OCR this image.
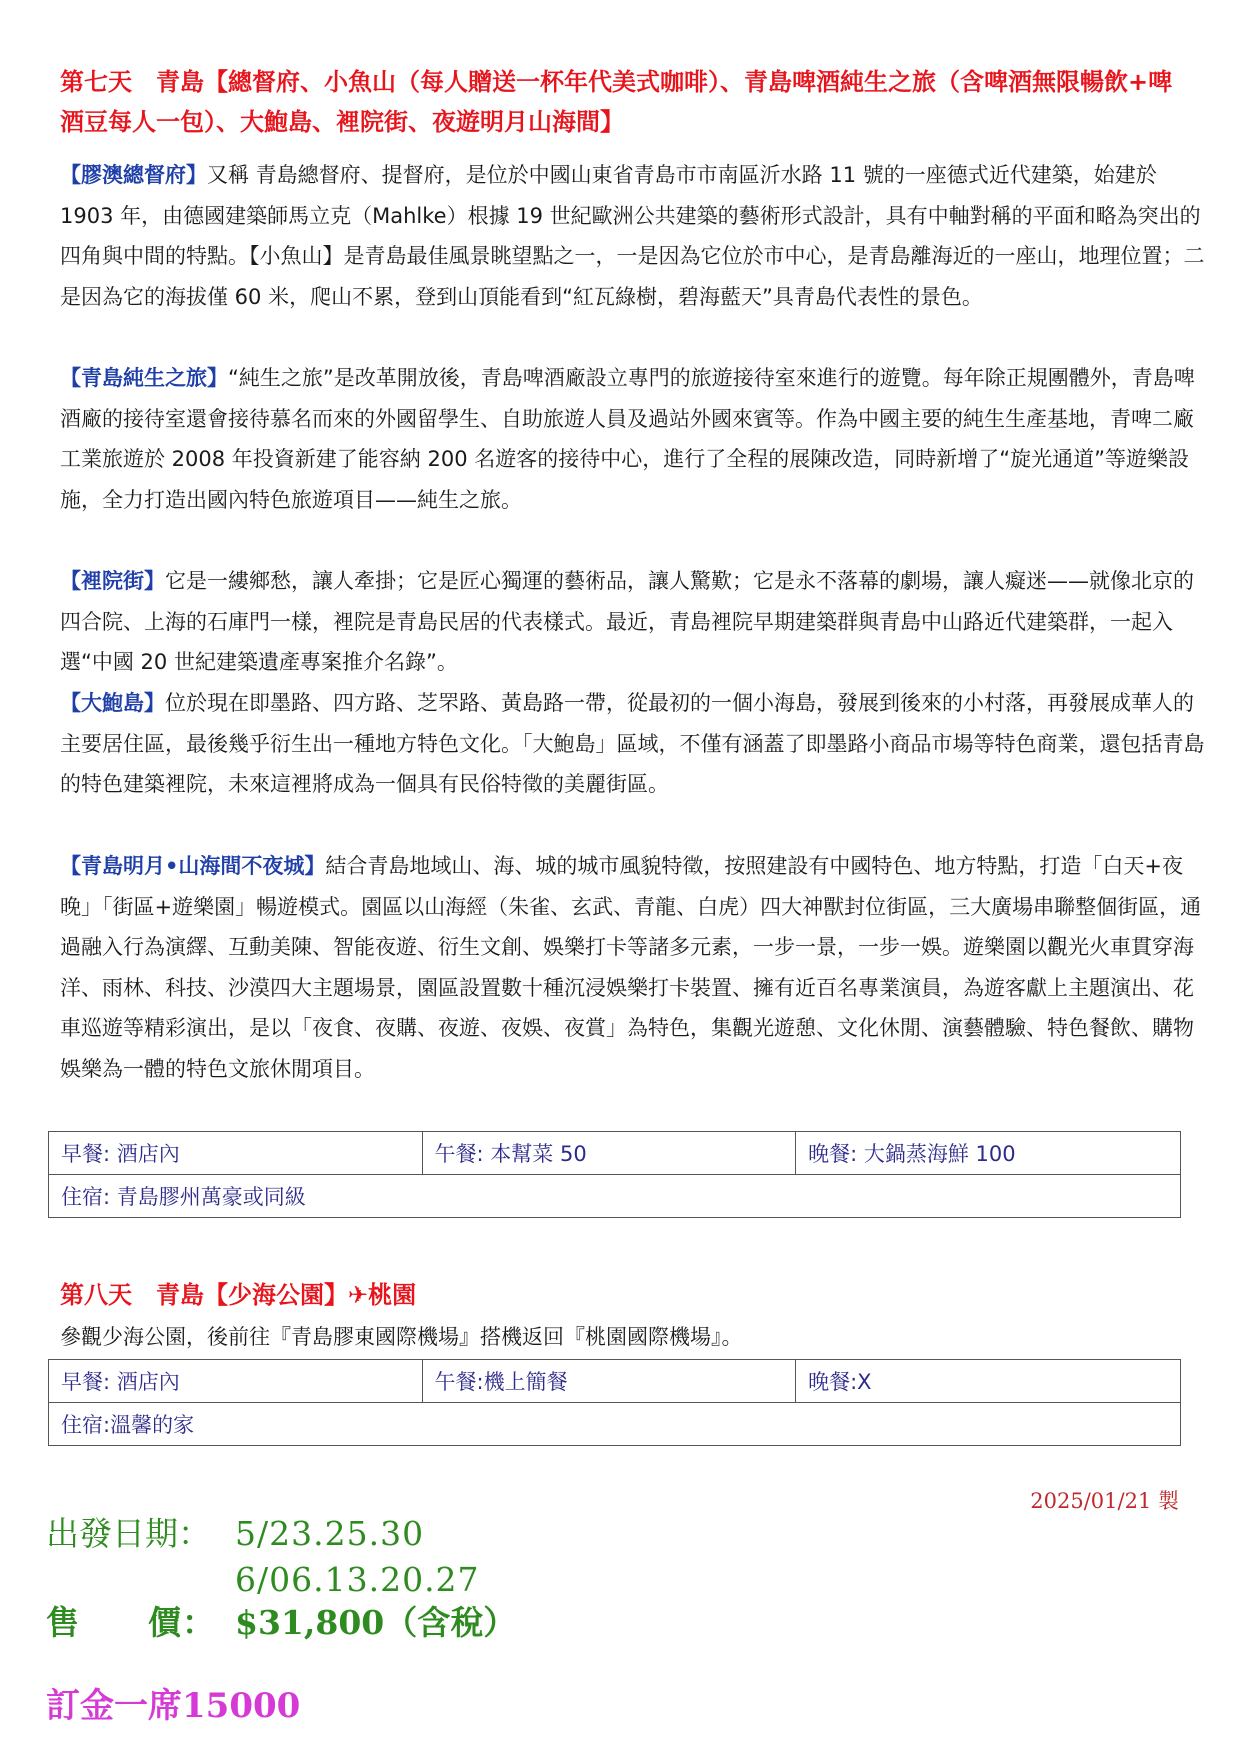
第七天　青島【總督府、小魚山（每人贈送一杯年代美式咖啡）、青島啤酒純生之旅（含啤酒無限暢飲+啤酒豆每人一包）、大鮑島、裡院街、夜遊明月山海間】

【膠澳總督府】又稱 青島總督府、提督府，是位於中國山東省青島市市南區沂水路 11 號的一座德式近代建築，始建於 1903 年，由德國建築師馬立克（Mahlke）根據 19 世紀歐洲公共建築的藝術形式設計，具有中軸對稱的平面和略為突出的四角與中間的特點。【小魚山】是青島最佳風景眺望點之一，一是因為它位於市中心，是青島離海近的一座山，地理位置；二是因為它的海拔僅 60 米，爬山不累，登到山頂能看到“紅瓦綠樹，碧海藍天”具青島代表性的景色。

【青島純生之旅】“純生之旅”是改革開放後，青島啤酒廠設立專門的旅遊接待室來進行的遊覽。每年除正規團體外，青島啤酒廠的接待室還會接待慕名而來的外國留學生、自助旅遊人員及過站外國來賓等。作為中國主要的純生生產基地，青啤二廠工業旅遊於 2008 年投資新建了能容納 200 名遊客的接待中心，進行了全程的展陳改造，同時新增了“旋光通道”等遊樂設施，全力打造出國內特色旅遊項目——純生之旅。

【裡院街】它是一縷鄉愁，讓人牽掛；它是匠心獨運的藝術品，讓人驚歎；它是永不落幕的劇場，讓人癡迷——就像北京的四合院、上海的石庫門一樣，裡院是青島民居的代表樣式。最近，青島裡院早期建築群與青島中山路近代建築群，一起入選“中國 20 世紀建築遺產專案推介名錄”。

【大鮑島】位於現在即墨路、四方路、芝罘路、黃島路一帶，從最初的一個小海島，發展到後來的小村落，再發展成華人的主要居住區，最後幾乎衍生出一種地方特色文化。「大鮑島」區域，不僅有涵蓋了即墨路小商品市場等特色商業，還包括青島的特色建築裡院，未來這裡將成為一個具有民俗特徵的美麗街區。

【青島明月•山海間不夜城】結合青島地域山、海、城的城市風貌特徵，按照建設有中國特色、地方特點，打造「白天+夜晚」「街區+遊樂園」暢遊模式。園區以山海經（朱雀、玄武、青龍、白虎）四大神獸封位街區，三大廣場串聯整個街區，通過融入行為演繹、互動美陳、智能夜遊、衍生文創、娛樂打卡等諸多元素，一步一景，一步一娛。遊樂園以觀光火車貫穿海洋、雨林、科技、沙漠四大主題場景，園區設置數十種沉浸娛樂打卡裝置、擁有近百名專業演員，為遊客獻上主題演出、花車巡遊等精彩演出，是以「夜食、夜購、夜遊、夜娛、夜賞」為特色，集觀光遊憩、文化休閒、演藝體驗、特色餐飲、購物娛樂為一體的特色文旅休閒項目。

早餐: 酒店內	午餐: 本幫菜 50	晚餐: 大鍋蒸海鮮 100
住宿: 青島膠州萬豪或同級
第八天　青島【少海公園】✈桃園

參觀少海公園，後前往『青島膠東國際機場』搭機返回『桃園國際機場』。

早餐: 酒店內	午餐:機上簡餐	晚餐:X
住宿:溫馨的家
2025/01/21 製
出發日期： 5/23.25.30
6/06.13.20.27
售　　價： $31,800（含稅）
訂金一席15000
